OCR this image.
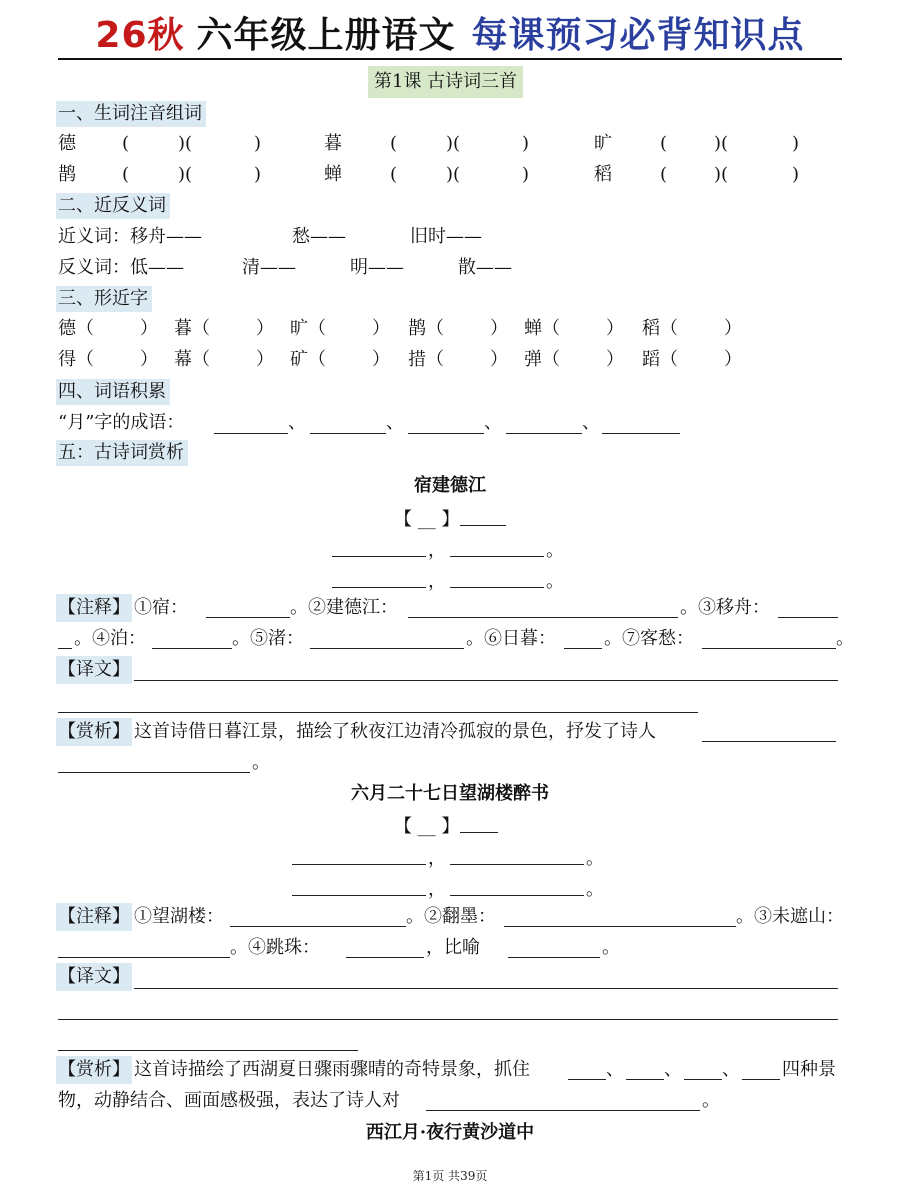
26秋 六年级上册语文 每课预习必背知识点
第1课 古诗词三首
一、生词注音组词
德	(	)(	)	暮	(	)(	)	旷	(	)(	)
鹊	(	)(	)	蝉	(	)(	)	稻	(	)(	)
二、近反义词
近义词：移舟——	愁——	旧时——
反义词：低——	清——	明——	散——
三、形近字
德（	） 暮（	） 旷（	） 鹊（	） 蝉（	） 稻（	）
得（	） 幕（	） 矿（	） 措（	） 弹（	） 蹈（	）
四、词语积累
“月”字的成语：	、	、	、	、
五：古诗词赏析
宿建德江
【 __ 】
，	。
，	。
【注释】 ①宿：	。②建德江：	。③移舟：
。④泊：	。⑤渚：	。⑥日暮：	。⑦客愁：	。
【译文】
【赏析】 这首诗借日暮江景，描绘了秋夜江边清冷孤寂的景色，抒发了诗人
。
六月二十七日望湖楼醉书
【 __ 】
，	。
，	。
【注释】 ①望湖楼：	。②翻墨：	。③未遮山：
。④跳珠：	，比喻	。
【译文】
【赏析】 这首诗描绘了西湖夏日骤雨骤晴的奇特景象，抓住	、 、 、 四种景
物，动静结合、画面感极强，表达了诗人对	。
西江月·夜行黄沙道中
第1页 共39页
